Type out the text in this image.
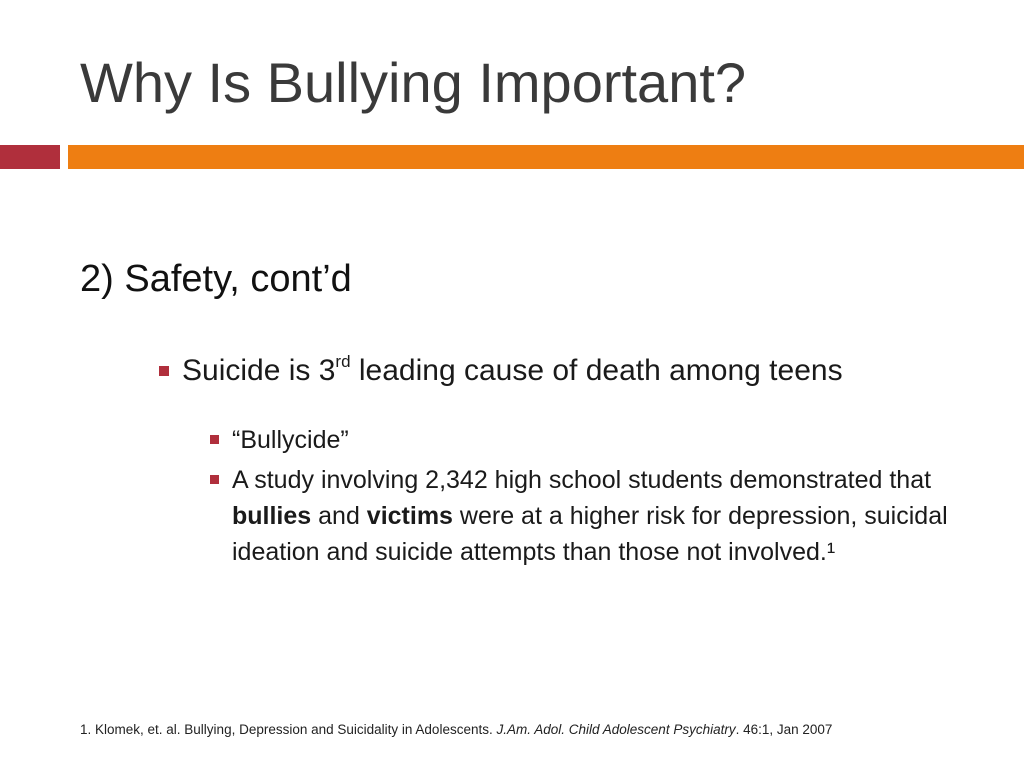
Why Is Bullying Important?
2) Safety, cont’d
Suicide is 3rd leading cause of death among teens
“Bullycide”
A study involving 2,342 high school students demonstrated that bullies and victims were at a higher risk for depression, suicidal ideation and suicide attempts than those not involved.¹
1. Klomek, et. al. Bullying, Depression and Suicidality in Adolescents. J.Am. Adol. Child Adolescent Psychiatry. 46:1, Jan 2007
